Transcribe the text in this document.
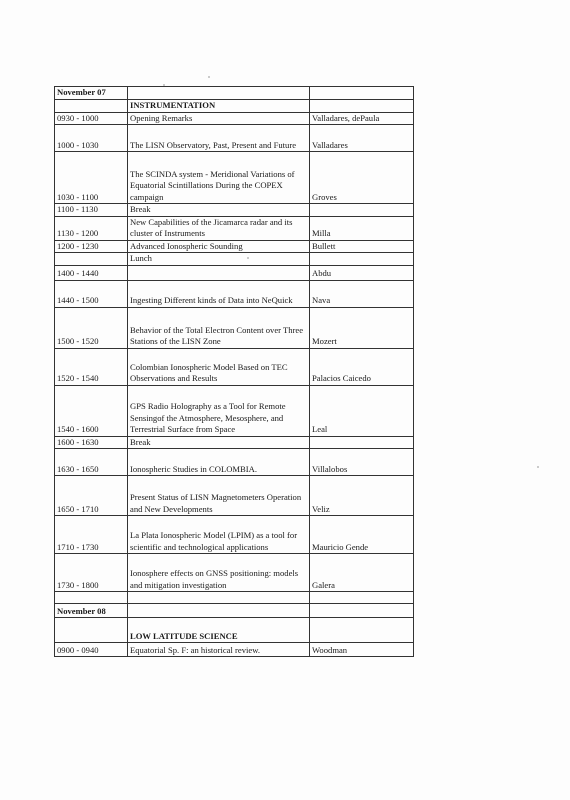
November 07		
	INSTRUMENTATION	
0930 - 1000	Opening Remarks	Valladares, dePaula
1000 - 1030	The LISN Observatory, Past, Present and Future	Valladares
1030 - 1100	The SCINDA system - Meridional Variations of Equatorial Scintillations During the COPEX campaign	Groves
1100 - 1130	Break	
1130 - 1200	New Capabilities of the Jicamarca radar and its cluster of Instruments	Milla
1200 - 1230	Advanced Ionospheric Sounding	Bullett
	Lunch	
1400 - 1440		Abdu
1440 - 1500	Ingesting Different kinds of Data into NeQuick	Nava
1500 - 1520	Behavior of the Total Electron Content over Three Stations of the LISN Zone	Mozert
1520 - 1540	Colombian Ionospheric Model Based on TEC Observations and Results	Palacios Caicedo
1540 - 1600	GPS Radio Holography as a Tool for Remote Sensingof the Atmosphere, Mesosphere, and Terrestrial Surface from Space	Leal
1600 - 1630	Break	
1630 - 1650	Ionospheric Studies in COLOMBIA.	Villalobos
1650 - 1710	Present Status of LISN Magnetometers Operation and New Developments	Veliz
1710 - 1730	La Plata Ionospheric Model (LPIM) as a tool for scientific and technological applications	Mauricio Gende
1730 - 1800	Ionosphere effects on GNSS positioning: models and mitigation investigation	Galera

November 08		
	LOW LATITUDE SCIENCE	
0900 - 0940	Equatorial Sp. F: an historical review.	Woodman
